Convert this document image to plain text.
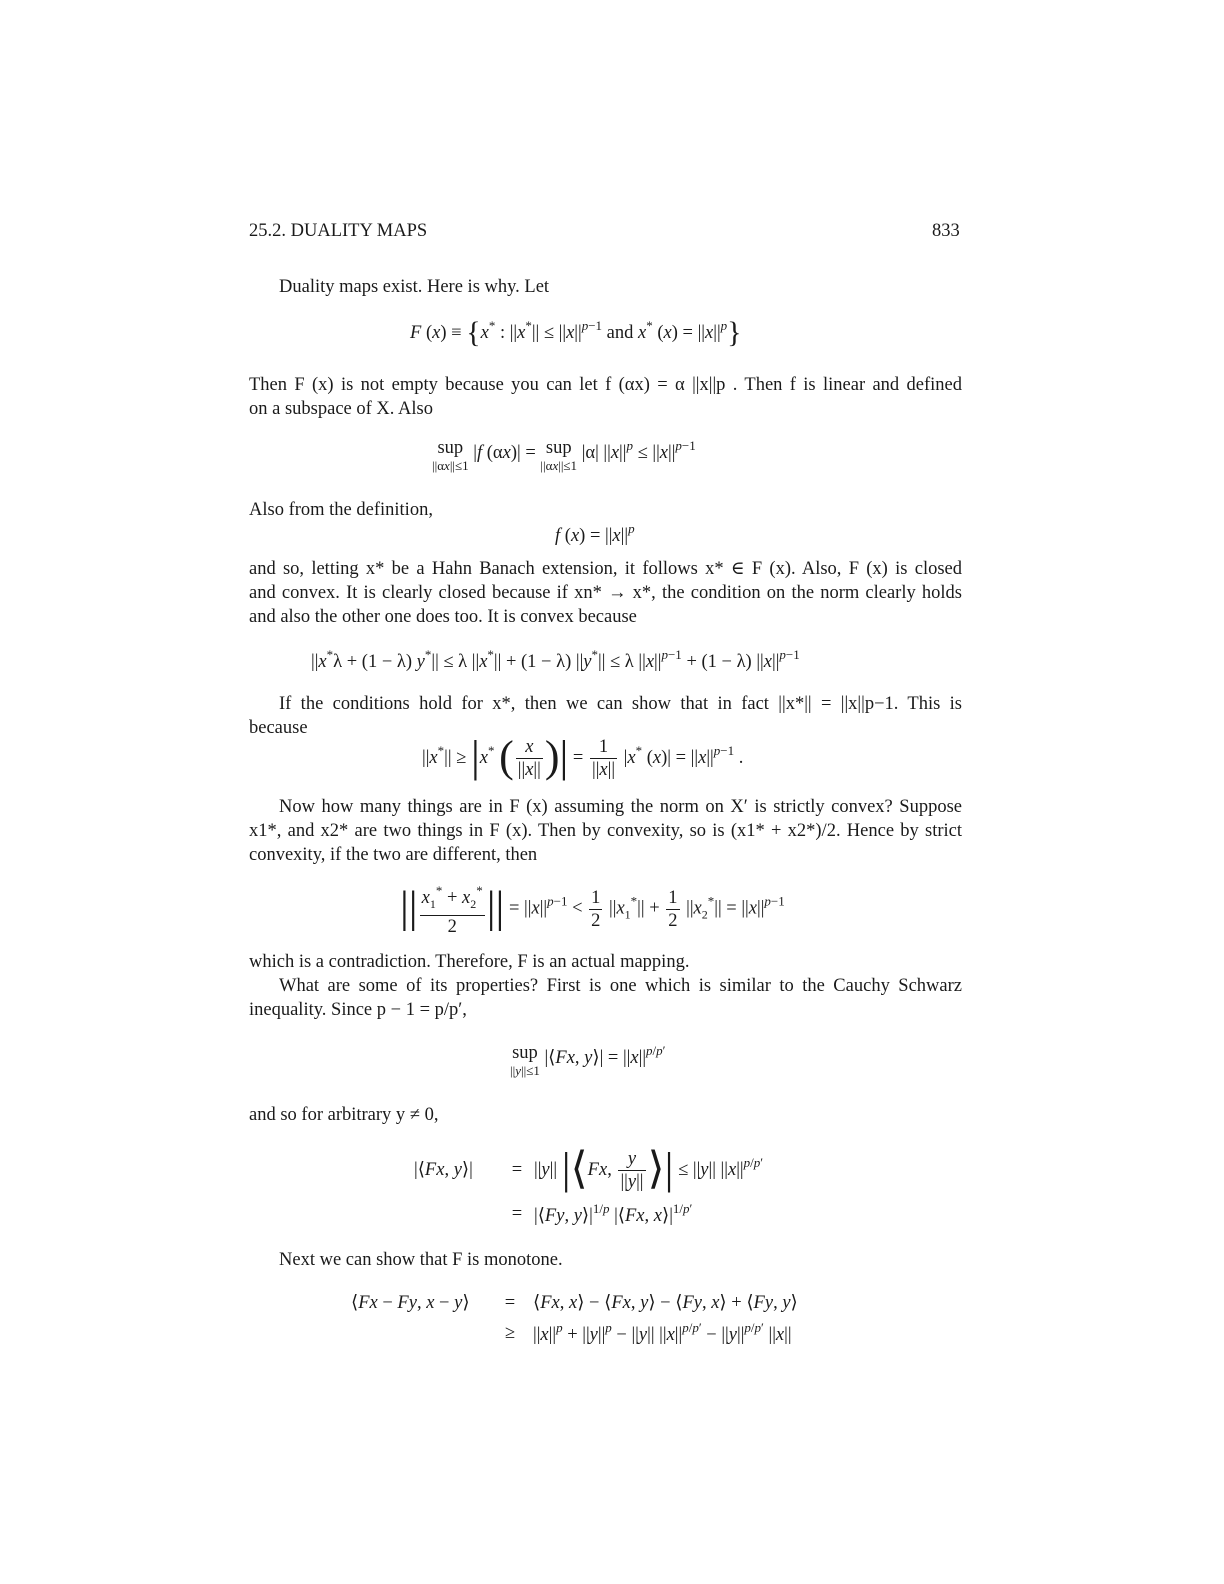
25.2. DUALITY MAPS	833
Duality maps exist. Here is why. Let
F (x) ≡ {x* : $||x^*|| \le ||x||^{p-1}$ and x* $(x) = ||x||^p$}
Then F (x) is not empty because you can let f (αx) = α ||x||p . Then f is linear and defined
on a subspace of X. Also
sup
||αx||≤1
|f (αx)| = sup
||αx||≤1
|α| $||x||^p \le ||x||^{p-1}$
Also from the definition,
f $(x) = ||x||^p$
and so, letting x* be a Hahn Banach extension, it follows x* ∈ F (x). Also, F (x) is closed
and convex. It is clearly closed because if xn* → x*, the condition on the norm clearly holds
and also the other one does too. It is convex because
||x*λ + (1 − λ) y*|| ≤ λ ||x*|| + (1 − λ) ||y*|| ≤ λ $||x||^{p-1} + (1 - \lambda)$ $||x||^{p-1}$
If the conditions hold for x*, then we can show that in fact ||x*|| = ||x||p−1. This is
because
||x*|| ≥ |x* ( $\frac{x}{||x||}$ )| = $\frac{1}{||x||} |x^*$ $(x)| = ||x||^{p-1}$ .
Now how many things are in F (x) assuming the norm on X′ is strictly convex? Suppose
x1*, and x2* are two things in F (x). Then by convexity, so is (x1* + x2*)/2. Hence by strict
convexity, if the two are different, then
|| $\frac{x_1^* + x_2^*}{2}$ || = $||x||^{p-1} < \frac{1}{2} ||x_1^*|| + \frac{1}{2} ||x_2^*|| = ||x||^{p-1}$
which is a contradiction. Therefore, F is an actual mapping.
What are some of its properties? First is one which is similar to the Cauchy Schwarz
inequality. Since p − 1 = p/p′,
sup
||y||≤1
|⟨Fx, y⟩| = $||x||^{p/p'}$
and so for arbitrary y ≠ 0,
|⟨Fx, y⟩|	=	||y|| |⟨Fx, $\frac{y}{||y||}$ ⟩| ≤ ||y|| $||x||^{p/p'}$
	=	|⟨Fy, $y⟩|^{1/p}$ |⟨Fx, $x⟩|^{1/p'}$
Next we can show that F is monotone.
⟨Fx − Fy, x − y⟩	=	⟨Fx, x⟩ − ⟨Fx, y⟩ − ⟨Fy, x⟩ + ⟨Fy, y⟩
	≥	$||x||^p + ||y||^p - ||y||$ $||x||^{p/p'} - ||y||^{p/p'}$ ||x||
